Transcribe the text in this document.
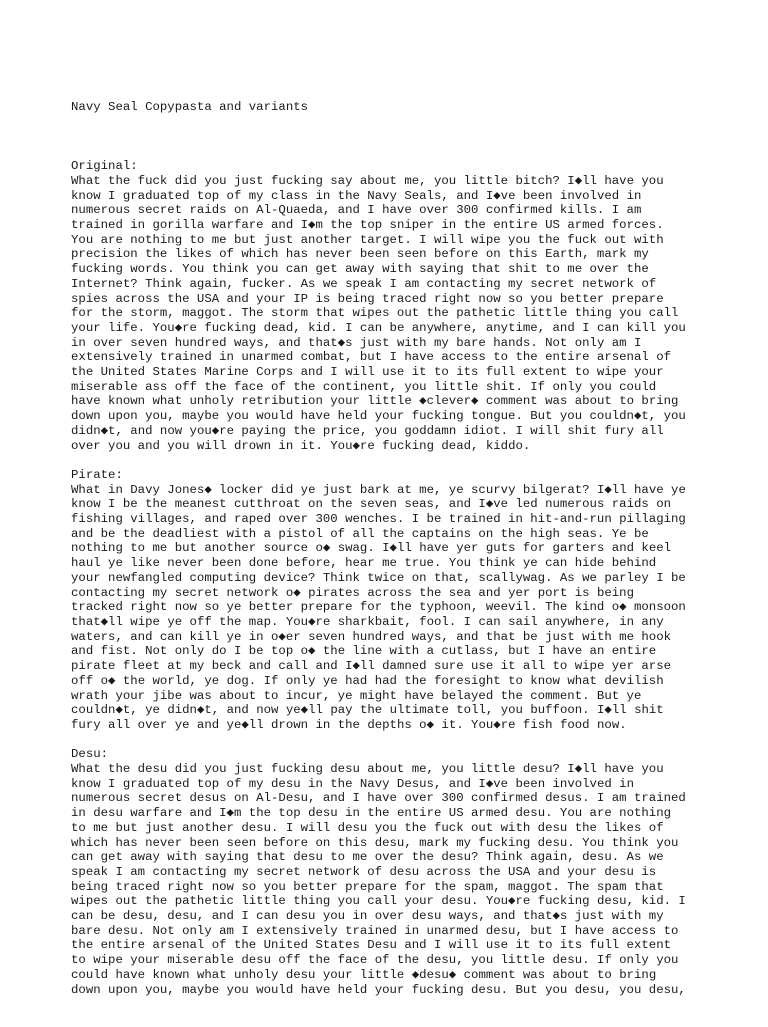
Navy Seal Copypasta and variants

Original:
What the fuck did you just fucking say about me, you little bitch? I◆ll have you
know I graduated top of my class in the Navy Seals, and I◆ve been involved in
numerous secret raids on Al-Quaeda, and I have over 300 confirmed kills. I am
trained in gorilla warfare and I◆m the top sniper in the entire US armed forces.
You are nothing to me but just another target. I will wipe you the fuck out with
precision the likes of which has never been seen before on this Earth, mark my
fucking words. You think you can get away with saying that shit to me over the
Internet? Think again, fucker. As we speak I am contacting my secret network of
spies across the USA and your IP is being traced right now so you better prepare
for the storm, maggot. The storm that wipes out the pathetic little thing you call
your life. You◆re fucking dead, kid. I can be anywhere, anytime, and I can kill you
in over seven hundred ways, and that◆s just with my bare hands. Not only am I
extensively trained in unarmed combat, but I have access to the entire arsenal of
the United States Marine Corps and I will use it to its full extent to wipe your
miserable ass off the face of the continent, you little shit. If only you could
have known what unholy retribution your little ◆clever◆ comment was about to bring
down upon you, maybe you would have held your fucking tongue. But you couldn◆t, you
didn◆t, and now you◆re paying the price, you goddamn idiot. I will shit fury all
over you and you will drown in it. You◆re fucking dead, kiddo.
Pirate:
What in Davy Jones◆ locker did ye just bark at me, ye scurvy bilgerat? I◆ll have ye
know I be the meanest cutthroat on the seven seas, and I◆ve led numerous raids on
fishing villages, and raped over 300 wenches. I be trained in hit-and-run pillaging
and be the deadliest with a pistol of all the captains on the high seas. Ye be
nothing to me but another source o◆ swag. I◆ll have yer guts for garters and keel
haul ye like never been done before, hear me true. You think ye can hide behind
your newfangled computing device? Think twice on that, scallywag. As we parley I be
contacting my secret network o◆ pirates across the sea and yer port is being
tracked right now so ye better prepare for the typhoon, weevil. The kind o◆ monsoon
that◆ll wipe ye off the map. You◆re sharkbait, fool. I can sail anywhere, in any
waters, and can kill ye in o◆er seven hundred ways, and that be just with me hook
and fist. Not only do I be top o◆ the line with a cutlass, but I have an entire
pirate fleet at my beck and call and I◆ll damned sure use it all to wipe yer arse
off o◆ the world, ye dog. If only ye had had the foresight to know what devilish
wrath your jibe was about to incur, ye might have belayed the comment. But ye
couldn◆t, ye didn◆t, and now ye◆ll pay the ultimate toll, you buffoon. I◆ll shit
fury all over ye and ye◆ll drown in the depths o◆ it. You◆re fish food now.
Desu:
What the desu did you just fucking desu about me, you little desu? I◆ll have you
know I graduated top of my desu in the Navy Desus, and I◆ve been involved in
numerous secret desus on Al-Desu, and I have over 300 confirmed desus. I am trained
in desu warfare and I◆m the top desu in the entire US armed desu. You are nothing
to me but just another desu. I will desu you the fuck out with desu the likes of
which has never been seen before on this desu, mark my fucking desu. You think you
can get away with saying that desu to me over the desu? Think again, desu. As we
speak I am contacting my secret network of desu across the USA and your desu is
being traced right now so you better prepare for the spam, maggot. The spam that
wipes out the pathetic little thing you call your desu. You◆re fucking desu, kid. I
can be desu, desu, and I can desu you in over desu ways, and that◆s just with my
bare desu. Not only am I extensively trained in unarmed desu, but I have access to
the entire arsenal of the United States Desu and I will use it to its full extent
to wipe your miserable desu off the face of the desu, you little desu. If only you
could have known what unholy desu your little ◆desu◆ comment was about to bring
down upon you, maybe you would have held your fucking desu. But you desu, you desu,
